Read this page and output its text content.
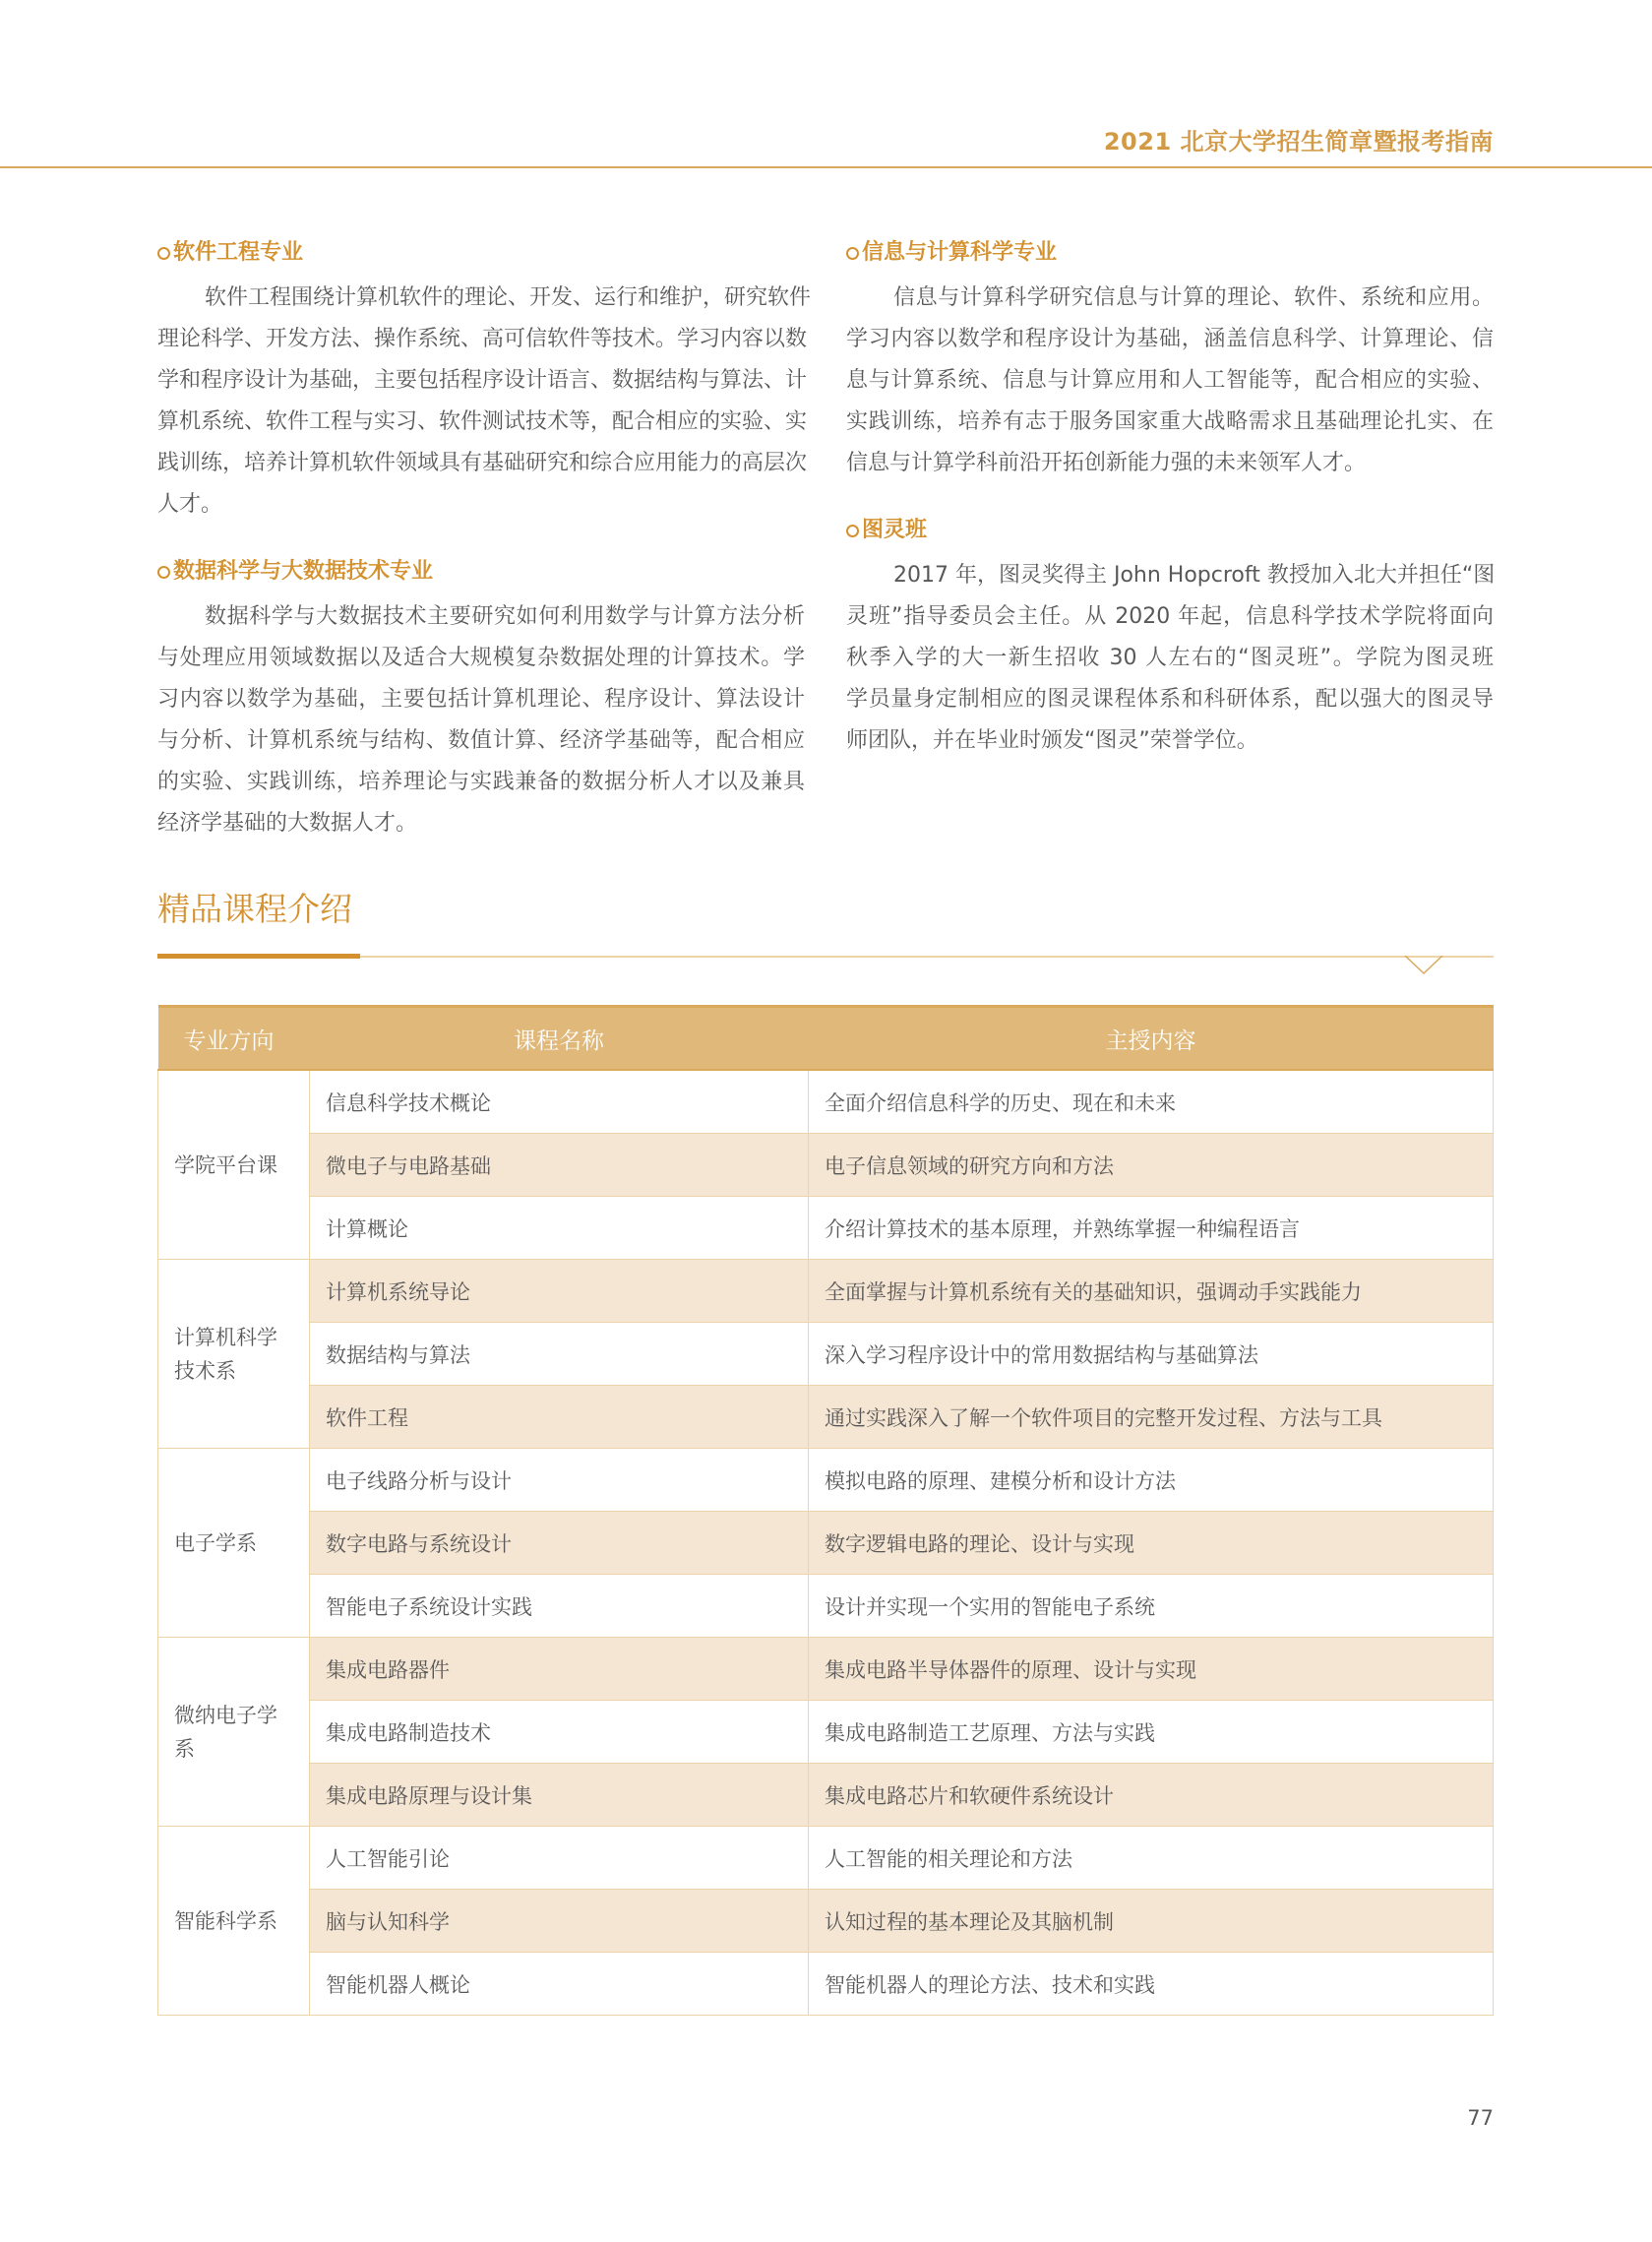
2021 北京大学招生简章暨报考指南
软件工程专业
软件工程围绕计算机软件的理论、开发、运行和维护，研究软件
理论科学、开发方法、操作系统、高可信软件等技术。学习内容以数
学和程序设计为基础，主要包括程序设计语言、数据结构与算法、计
算机系统、软件工程与实习、软件测试技术等，配合相应的实验、实
践训练，培养计算机软件领域具有基础研究和综合应用能力的高层次
人才。
数据科学与大数据技术专业
数据科学与大数据技术主要研究如何利用数学与计算方法分析
与处理应用领域数据以及适合大规模复杂数据处理的计算技术。学
习内容以数学为基础，主要包括计算机理论、程序设计、算法设计
与分析、计算机系统与结构、数值计算、经济学基础等，配合相应
的实验、实践训练，培养理论与实践兼备的数据分析人才以及兼具
经济学基础的大数据人才。
信息与计算科学专业
信息与计算科学研究信息与计算的理论、软件、系统和应用。
学习内容以数学和程序设计为基础，涵盖信息科学、计算理论、信
息与计算系统、信息与计算应用和人工智能等，配合相应的实验、
实践训练，培养有志于服务国家重大战略需求且基础理论扎实、在
信息与计算学科前沿开拓创新能力强的未来领军人才。
图灵班
2017 年，图灵奖得主 John Hopcroft 教授加入北大并担任“图
灵班”指导委员会主任。从 2020 年起，信息科学技术学院将面向
秋季入学的大一新生招收 30 人左右的“图灵班”。学院为图灵班
学员量身定制相应的图灵课程体系和科研体系，配以强大的图灵导
师团队，并在毕业时颁发“图灵”荣誉学位。
精品课程介绍
专业方向	课程名称	主授内容
学院平台课	信息科学技术概论	全面介绍信息科学的历史、现在和未来
	微电子与电路基础	电子信息领域的研究方向和方法
	计算概论	介绍计算技术的基本原理，并熟练掌握一种编程语言
计算机科学技术系	计算机系统导论	全面掌握与计算机系统有关的基础知识，强调动手实践能力
	数据结构与算法	深入学习程序设计中的常用数据结构与基础算法
	软件工程	通过实践深入了解一个软件项目的完整开发过程、方法与工具
电子学系	电子线路分析与设计	模拟电路的原理、建模分析和设计方法
	数字电路与系统设计	数字逻辑电路的理论、设计与实现
	智能电子系统设计实践	设计并实现一个实用的智能电子系统
微纳电子学系	集成电路器件	集成电路半导体器件的原理、设计与实现
	集成电路制造技术	集成电路制造工艺原理、方法与实践
	集成电路原理与设计集	集成电路芯片和软硬件系统设计
智能科学系	人工智能引论	人工智能的相关理论和方法
	脑与认知科学	认知过程的基本理论及其脑机制
	智能机器人概论	智能机器人的理论方法、技术和实践
77
